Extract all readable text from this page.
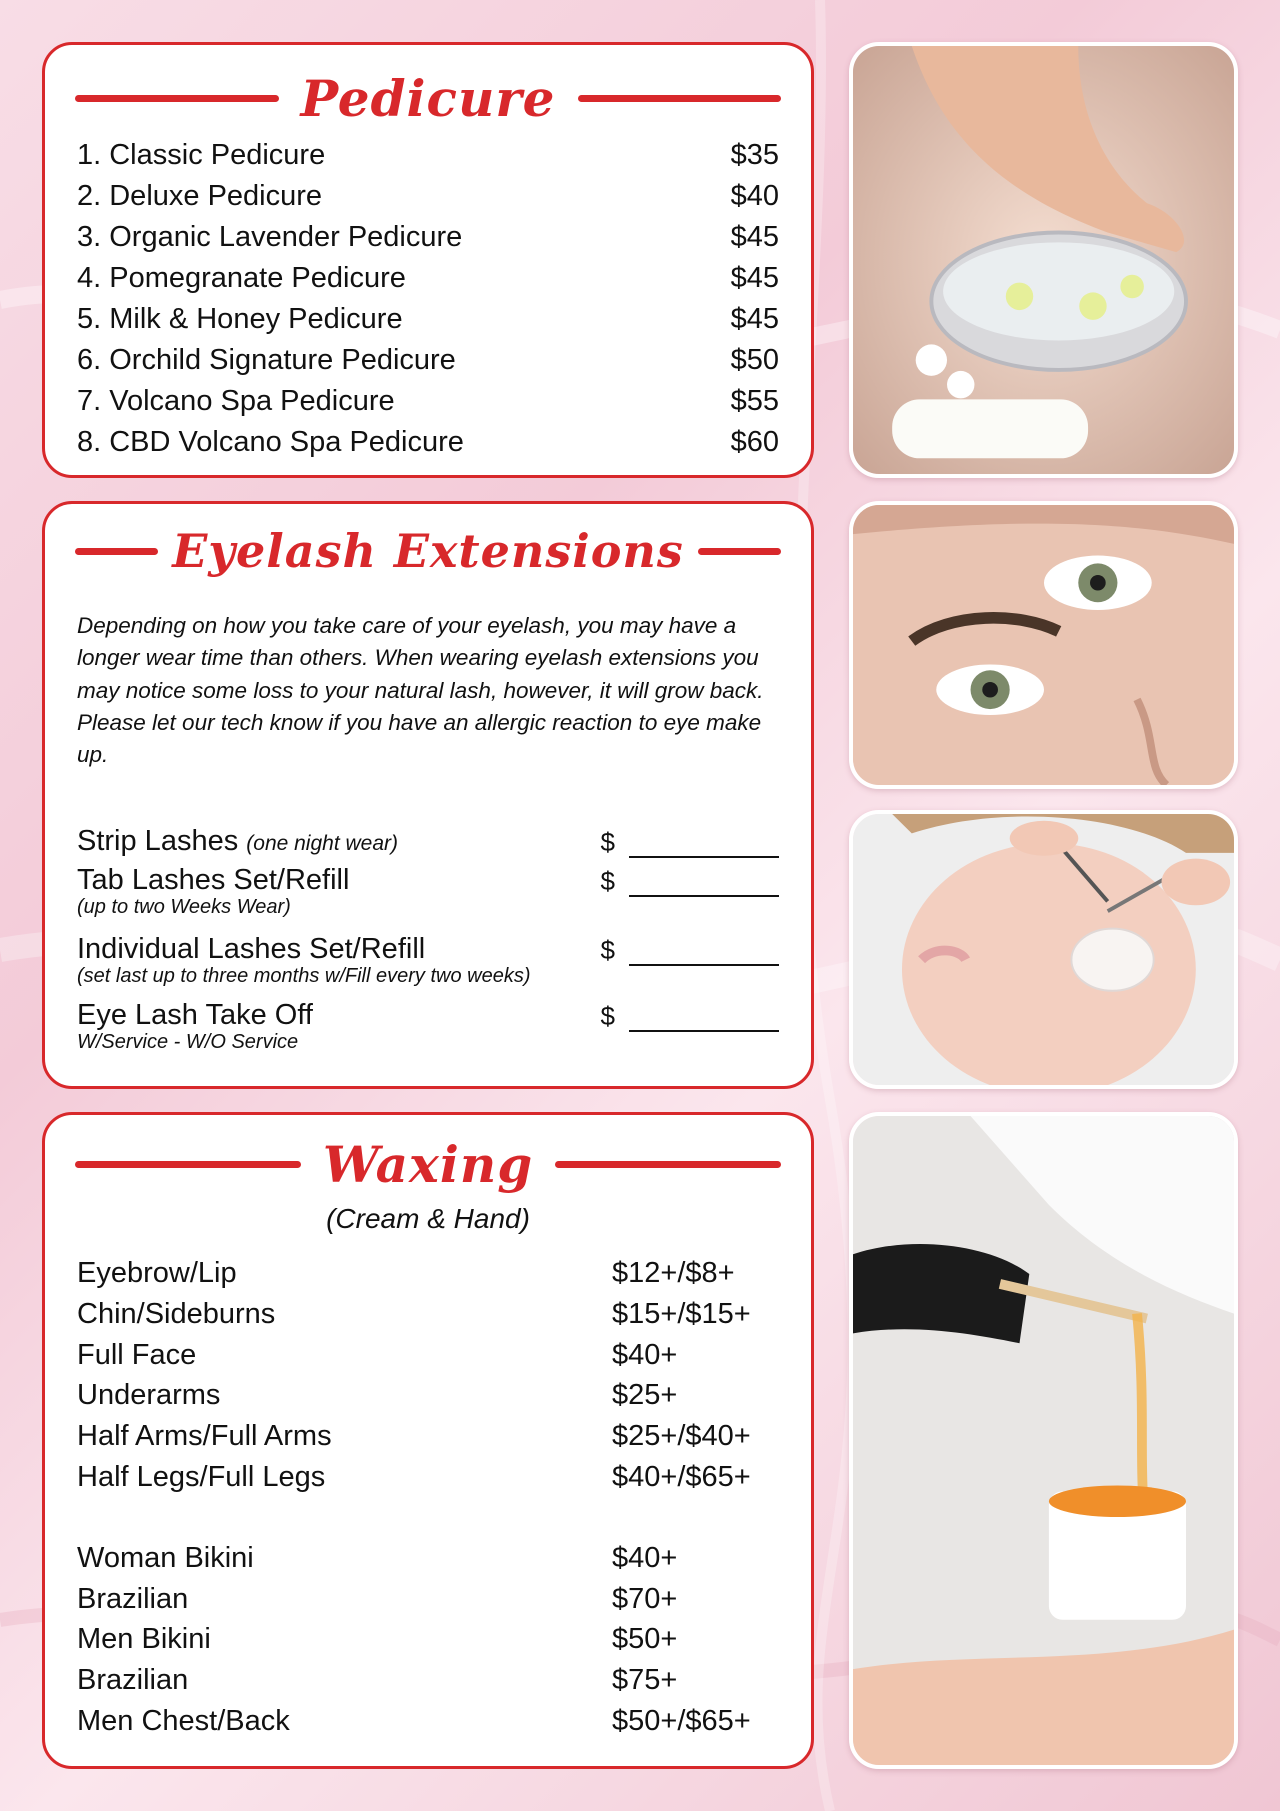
Pedicure
1. Classic Pedicure	$35
2. Deluxe Pedicure	$40
3. Organic Lavender Pedicure	$45
4. Pomegranate Pedicure	$45
5. Milk & Honey Pedicure	$45
6. Orchild Signature Pedicure	$50
7. Volcano Spa Pedicure	$55
8. CBD Volcano Spa Pedicure	$60
Eyelash Extensions
Depending on how you take care of your eyelash, you may have a longer wear time than others. When wearing eyelash extensions you may notice some loss to your natural lash, however, it will grow back.
Please let our tech know if you have an allergic reaction to eye make up.
Strip Lashes (one night wear)	$
Tab Lashes Set/Refill
(up to two Weeks Wear)
$
Individual Lashes Set/Refill
(set last up to three months w/Fill every two weeks)
$
Eye Lash Take Off
W/Service - W/O Service
$
Waxing
(Cream & Hand)
Eyebrow/Lip	$12+/$8+
Chin/Sideburns	$15+/$15+
Full Face	$40+
Underarms	$25+
Half Arms/Full Arms	$25+/$40+
Half Legs/Full Legs	$40+/$65+
Woman Bikini	$40+
Brazilian	$70+
Men Bikini	$50+
Brazilian	$75+
Men Chest/Back	$50+/$65+
